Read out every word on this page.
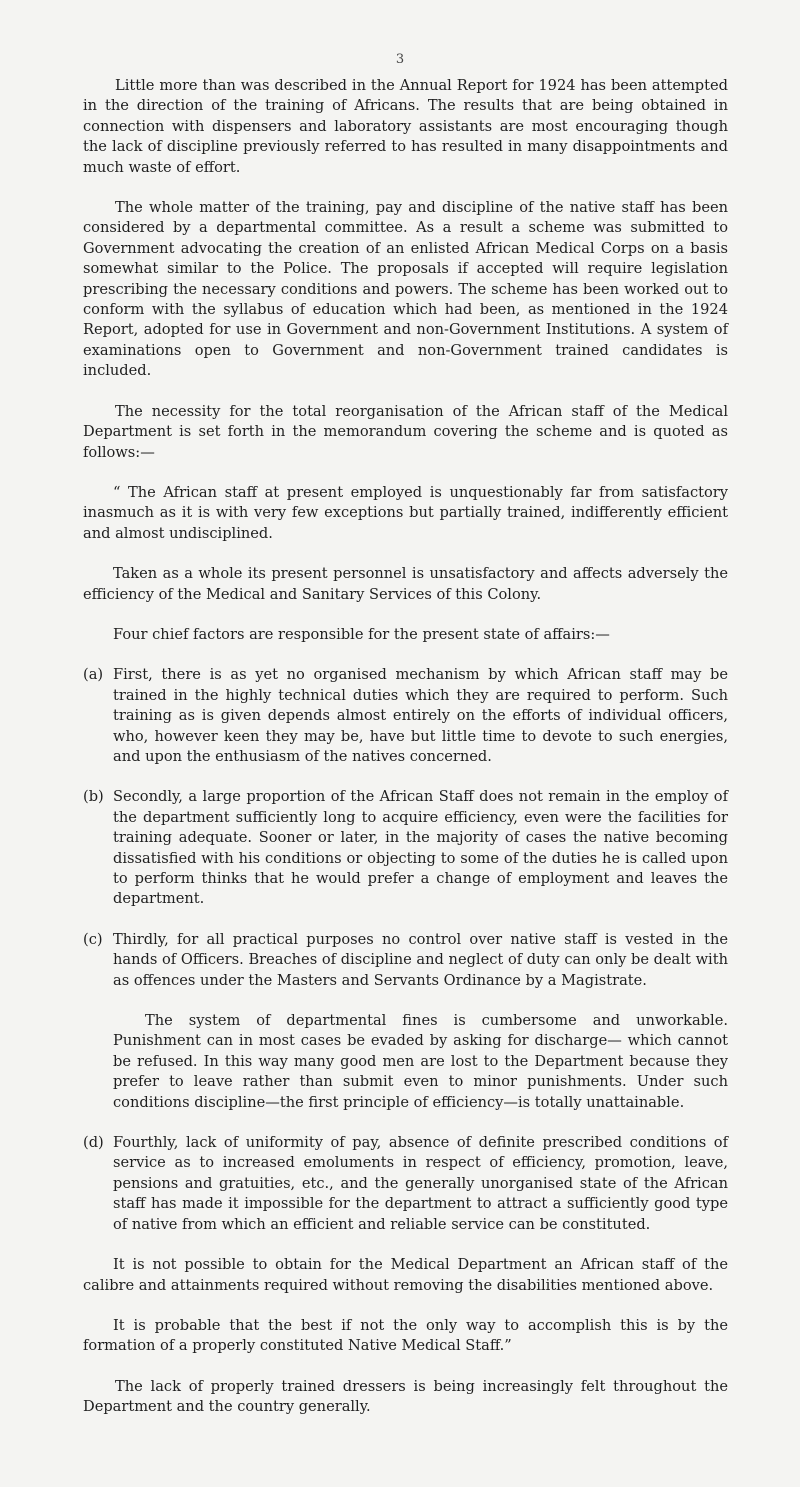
3

Little more than was described in the Annual Report for 1924 has been attempted in the direction of the training of Africans. The results that are being obtained in connection with dispensers and laboratory assistants are most encouraging though the lack of discipline previously referred to has resulted in many disappointments and much waste of effort.

The whole matter of the training, pay and discipline of the native staff has been considered by a departmental committee. As a result a scheme was submitted to Government advocating the creation of an enlisted African Medical Corps on a basis somewhat similar to the Police. The proposals if accepted will require legislation prescribing the necessary conditions and powers. The scheme has been worked out to conform with the syllabus of education which had been, as mentioned in the 1924 Report, adopted for use in Government and non-Government Institutions. A system of examinations open to Government and non-Government trained candidates is included.

The necessity for the total reorganisation of the African staff of the Medical Department is set forth in the memorandum covering the scheme and is quoted as follows:—

“ The African staff at present employed is unquestionably far from satisfactory inasmuch as it is with very few exceptions but partially trained, indifferently efficient and almost undisciplined.

Taken as a whole its present personnel is unsatisfactory and affects adversely the efficiency of the Medical and Sanitary Services of this Colony.

Four chief factors are responsible for the present state of affairs:—

(a) First, there is as yet no organised mechanism by which African staff may be trained in the highly technical duties which they are required to perform. Such training as is given depends almost entirely on the efforts of individual officers, who, however keen they may be, have but little time to devote to such energies, and upon the enthusiasm of the natives concerned.
(b) Secondly, a large proportion of the African Staff does not remain in the employ of the department sufficiently long to acquire efficiency, even were the facilities for training adequate. Sooner or later, in the majority of cases the native becoming dissatisfied with his conditions or objecting to some of the duties he is called upon to perform thinks that he would prefer a change of employment and leaves the department.
(c) Thirdly, for all practical purposes no control over native staff is vested in the hands of Officers. Breaches of discipline and neglect of duty can only be dealt with as offences under the Masters and Servants Ordinance by a Magistrate.

The system of departmental fines is cumbersome and unworkable. Punishment can in most cases be evaded by asking for discharge— which cannot be refused. In this way many good men are lost to the Department because they prefer to leave rather than submit even to minor punishments. Under such conditions discipline—the first principle of efficiency—is totally unattainable.

(d) Fourthly, lack of uniformity of pay, absence of definite prescribed conditions of service as to increased emoluments in respect of efficiency, promotion, leave, pensions and gratuities, etc., and the generally unorganised state of the African staff has made it impossible for the department to attract a sufficiently good type of native from which an efficient and reliable service can be constituted.

It is not possible to obtain for the Medical Department an African staff of the calibre and attainments required without removing the disabilities mentioned above.

It is probable that the best if not the only way to accomplish this is by the formation of a properly constituted Native Medical Staff.”

The lack of properly trained dressers is being increasingly felt throughout the Department and the country generally.
